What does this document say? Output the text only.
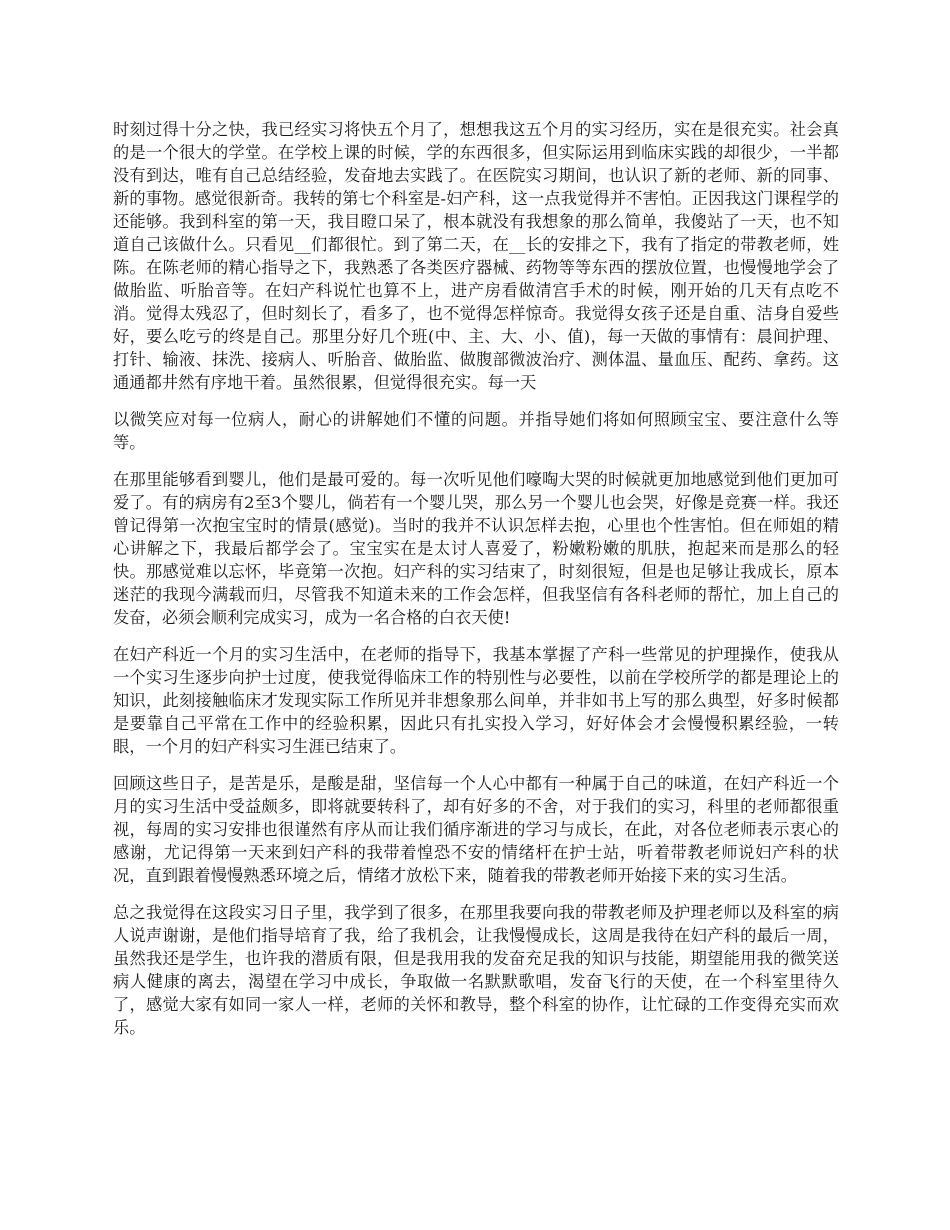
时刻过得十分之快，我已经实习将快五个月了，想想我这五个月的实习经历，实在是很充实。社会真的是一个很大的学堂。在学校上课的时候，学的东西很多，但实际运用到临床实践的却很少，一半都没有到达，唯有自己总结经验，发奋地去实践了。在医院实习期间，也认识了新的老师、新的同事、新的事物。感觉很新奇。我转的第七个科室是-妇产科，这一点我觉得并不害怕。正因我这门课程学的还能够。我到科室的第一天，我目瞪口呆了，根本就没有我想象的那么简单，我傻站了一天，也不知道自己该做什么。只看见__们都很忙。到了第二天，在__长的安排之下，我有了指定的带教老师，姓陈。在陈老师的精心指导之下，我熟悉了各类医疗器械、药物等等东西的摆放位置，也慢慢地学会了做胎监、听胎音等。在妇产科说忙也算不上，进产房看做清宫手术的时候，刚开始的几天有点吃不消。觉得太残忍了，但时刻长了，看多了，也不觉得怎样惊奇。我觉得女孩子还是自重、洁身自爱些好，要么吃亏的终是自己。那里分好几个班(中、主、大、小、值)，每一天做的事情有：晨间护理、打针、输液、抹洗、接病人、听胎音、做胎监、做腹部微波治疗、测体温、量血压、配药、拿药。这通通都井然有序地干着。虽然很累，但觉得很充实。每一天

以微笑应对每一位病人，耐心的讲解她们不懂的问题。并指导她们将如何照顾宝宝、要注意什么等等。

在那里能够看到婴儿，他们是最可爱的。每一次听见他们嚎啕大哭的时候就更加地感觉到他们更加可爱了。有的病房有2至3个婴儿，倘若有一个婴儿哭，那么另一个婴儿也会哭，好像是竞赛一样。我还曾记得第一次抱宝宝时的情景(感觉)。当时的我并不认识怎样去抱，心里也个性害怕。但在师姐的精心讲解之下，我最后都学会了。宝宝实在是太讨人喜爱了，粉嫩粉嫩的肌肤，抱起来而是那么的轻快。那感觉难以忘怀，毕竟第一次抱。妇产科的实习结束了，时刻很短，但是也足够让我成长，原本迷茫的我现今满载而归，尽管我不知道未来的工作会怎样，但我坚信有各科老师的帮忙，加上自己的发奋，必须会顺利完成实习，成为一名合格的白衣天使!

在妇产科近一个月的实习生活中，在老师的指导下，我基本掌握了产科一些常见的护理操作，使我从一个实习生逐步向护士过度，使我觉得临床工作的特别性与必要性，以前在学校所学的都是理论上的知识，此刻接触临床才发现实际工作所见并非想象那么间单，并非如书上写的那么典型，好多时候都是要靠自己平常在工作中的经验积累，因此只有扎实投入学习，好好体会才会慢慢积累经验，一转眼，一个月的妇产科实习生涯已结束了。

回顾这些日子，是苦是乐，是酸是甜，坚信每一个人心中都有一种属于自己的味道，在妇产科近一个月的实习生活中受益颇多，即将就要转科了，却有好多的不舍，对于我们的实习，科里的老师都很重视，每周的实习安排也很谨然有序从而让我们循序渐进的学习与成长，在此，对各位老师表示衷心的感谢，尤记得第一天来到妇产科的我带着惶恐不安的情绪杆在护士站，听着带教老师说妇产科的状况，直到跟着慢慢熟悉环境之后，情绪才放松下来，随着我的带教老师开始接下来的实习生活。

总之我觉得在这段实习日子里，我学到了很多，在那里我要向我的带教老师及护理老师以及科室的病人说声谢谢，是他们指导培育了我，给了我机会，让我慢慢成长，这周是我待在妇产科的最后一周，虽然我还是学生，也许我的潜质有限，但是我用我的发奋充足我的知识与技能，期望能用我的微笑送病人健康的离去，渴望在学习中成长，争取做一名默默歌唱，发奋飞行的天使，在一个科室里待久了，感觉大家有如同一家人一样，老师的关怀和教导，整个科室的协作，让忙碌的工作变得充实而欢乐。
